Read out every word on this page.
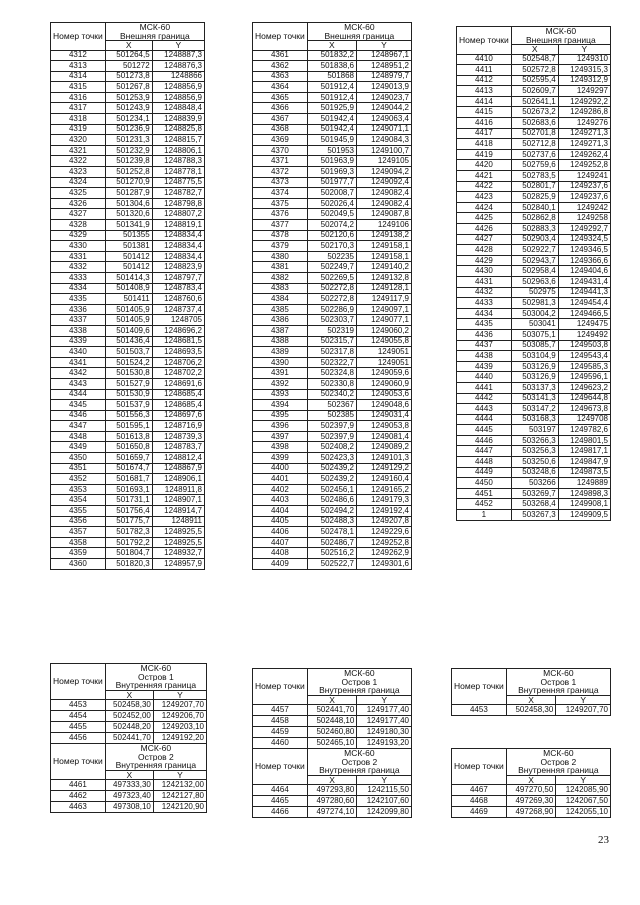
Номер точки	МСК-60	
	Внешняя граница	
	X	Y
4312	501264,5	1248887,3
4313	501272	1248876,3
4314	501273,8	1248866
4315	501267,8	1248856,9
4316	501253,9	1248856,9
4317	501243,9	1248848,4
4318	501234,1	1248839,9
4319	501236,9	1248825,8
4320	501231,3	1248815,7
4321	501232,9	1248806,1
4322	501239,8	1248788,3
4323	501252,8	1248778,1
4324	501270,9	1248775,5
4325	501287,9	1248782,7
4326	501304,6	1248798,8
4327	501320,6	1248807,2
4328	501341,9	1248819,1
4329	501355	1248834,4
4330	501381	1248834,4
4331	501412	1248834,4
4332	501412	1248823,9
4333	501414,3	1248797,7
4334	501408,9	1248783,4
4335	501411	1248760,6
4336	501405,9	1248737,4
4337	501405,9	1248705
4338	501409,6	1248696,2
4339	501436,4	1248681,5
4340	501503,7	1248693,5
4341	501524,2	1248706,2
4342	501530,8	1248702,2
4343	501527,9	1248691,6
4344	501530,9	1248685,4
4345	501537,9	1248685,4
4346	501556,3	1248697,6
4347	501595,1	1248716,9
4348	501613,8	1248739,3
4349	501650,8	1248783,7
4350	501659,7	1248812,4
4351	501674,7	1248867,9
4352	501681,7	1248906,1
4353	501693,1	1248911,8
4354	501731,1	1248907,1
4355	501756,4	1248914,7
4356	501775,7	1248911
4357	501782,3	1248925,5
4358	501792,2	1248925,5
4359	501804,7	1248932,7
4360	501820,3	1248957,9
Номер точки	МСК-60	
	Внешняя граница	
	X	Y
4361	501832,2	1248967,1
4362	501838,6	1248951,2
4363	501868	1248979,7
4364	501912,4	1249013,9
4365	501912,4	1249023,7
4366	501925,9	1249044,2
4367	501942,4	1249063,4
4368	501942,4	1249071,1
4369	501945,9	1249084,3
4370	501953	1249100,7
4371	501963,9	1249105
4372	501969,3	1249094,2
4373	501977,7	1249092,4
4374	502008,7	1249082,4
4375	502026,4	1249082,4
4376	502049,5	1249087,8
4377	502074,2	1249106
4378	502120,6	1249138,2
4379	502170,3	1249158,1
4380	502235	1249158,1
4381	502249,7	1249140,2
4382	502269,5	1249132,8
4383	502272,8	1249128,1
4384	502272,8	1249117,9
4385	502286,9	1249097,1
4386	502303,7	1249077,1
4387	502319	1249060,2
4388	502315,7	1249055,8
4389	502317,8	1249051
4390	502322,7	1249051
4391	502324,8	1249059,6
4392	502330,8	1249060,9
4393	502340,2	1249053,6
4394	502367	1249048,6
4395	502385	1249031,4
4396	502397,9	1249053,8
4397	502397,9	1249081,4
4398	502408,2	1249089,2
4399	502423,3	1249101,3
4400	502439,2	1249129,2
4401	502439,2	1249160,4
4402	502456,1	1249165,2
4403	502486,6	1249179,3
4404	502494,2	1249192,4
4405	502488,3	1249207,8
4406	502478,1	1249229,6
4407	502486,7	1249252,8
4408	502516,2	1249262,9
4409	502522,7	1249301,6
Номер точки	МСК-60	
	Внешняя граница	
	X	Y
4410	502548,7	1249310
4411	502572,8	1249315,3
4412	502595,4	1249312,9
4413	502609,7	1249297
4414	502641,1	1249292,2
4415	502673,2	1249286,8
4416	502683,6	1249276
4417	502701,8	1249271,3
4418	502712,8	1249271,3
4419	502737,6	1249262,4
4420	502759,6	1249252,8
4421	502783,5	1249241
4422	502801,7	1249237,6
4423	502825,9	1249237,6
4424	502840,1	1249242
4425	502862,8	1249258
4426	502883,3	1249292,7
4427	502903,4	1249324,5
4428	502922,7	1249346,5
4429	502943,7	1249366,6
4430	502958,4	1249404,6
4431	502963,6	1249431,4
4432	502975	1249441,3
4433	502981,3	1249454,4
4434	503004,2	1249466,5
4435	503041	1249475
4436	503075,1	1249492
4437	503085,7	1249503,8
4438	503104,9	1249543,4
4439	503126,9	1249585,3
4440	503126,9	1249596,1
4441	503137,3	1249623,2
4442	503141,3	1249644,8
4443	503147,2	1249673,8
4444	503168,3	1249708
4445	503197	1249782,6
4446	503266,3	1249801,5
4447	503256,3	1249817,1
4448	503250,6	1249847,9
4449	503248,6	1249873,5
4450	503266	1249889
4451	503269,7	1249898,3
4452	503268,4	1249908,1
1	503267,3	1249909,5
Номер точки	МСК-60	
	Остров 1	
	Внутренняя граница	
	X	Y
4453	502458,30	1249207,70
4454	502452,00	1249206,70
4455	502448,20	1249203,10
4456	502441,70	1249192,20
Номер точки	МСК-60	
	Остров 1	
	Внутренняя граница	
	X	Y
4457	502441,70	1249177,40
4458	502448,10	1249177,40
4459	502460,80	1249180,30
4460	502465,10	1249193,20
Номер точки	МСК-60	
	Остров 1	
	Внутренняя граница	
	X	Y
4453	502458,30	1249207,70
Номер точки	МСК-60	
	Остров 2	
	Внутренняя граница	
	X	Y
4461	497333,30	1242132,00
4462	497323,40	1242127,80
4463	497308,10	1242120,90
Номер точки	МСК-60	
	Остров 2	
	Внутренняя граница	
	X	Y
4464	497293,80	1242115,50
4465	497280,60	1242107,60
4466	497274,10	1242099,80
Номер точки	МСК-60	
	Остров 2	
	Внутренняя граница	
	X	Y
4467	497270,50	1242085,90
4468	497269,30	1242067,50
4469	497268,90	1242055,10
23
